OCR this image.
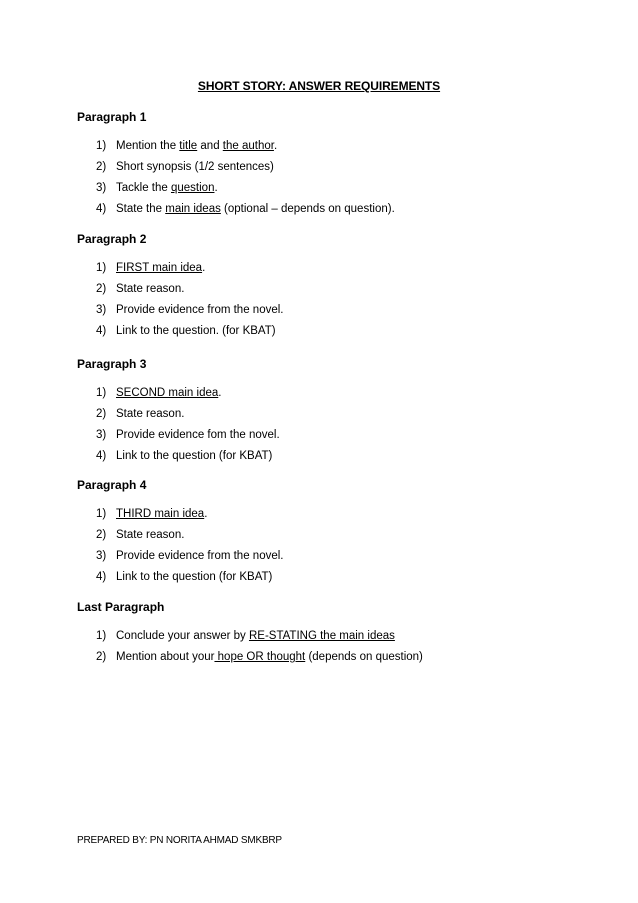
SHORT STORY: ANSWER REQUIREMENTS

Paragraph 1

1) Mention the title and the author.
2) Short synopsis (1/2 sentences)
3) Tackle the question.
4) State the main ideas (optional – depends on question).

Paragraph 2

1) FIRST main idea.
2) State reason.
3) Provide evidence from the novel.
4) Link to the question. (for KBAT)

Paragraph 3

1) SECOND main idea.
2) State reason.
3) Provide evidence fom the novel.
4) Link to the question (for KBAT)

Paragraph 4

1) THIRD main idea.
2) State reason.
3) Provide evidence from the novel.
4) Link to the question (for KBAT)

Last Paragraph

1) Conclude your answer by RE-STATING the main ideas
2) Mention about your hope OR thought (depends on question)
PREPARED BY: PN NORITA AHMAD SMKBRP
